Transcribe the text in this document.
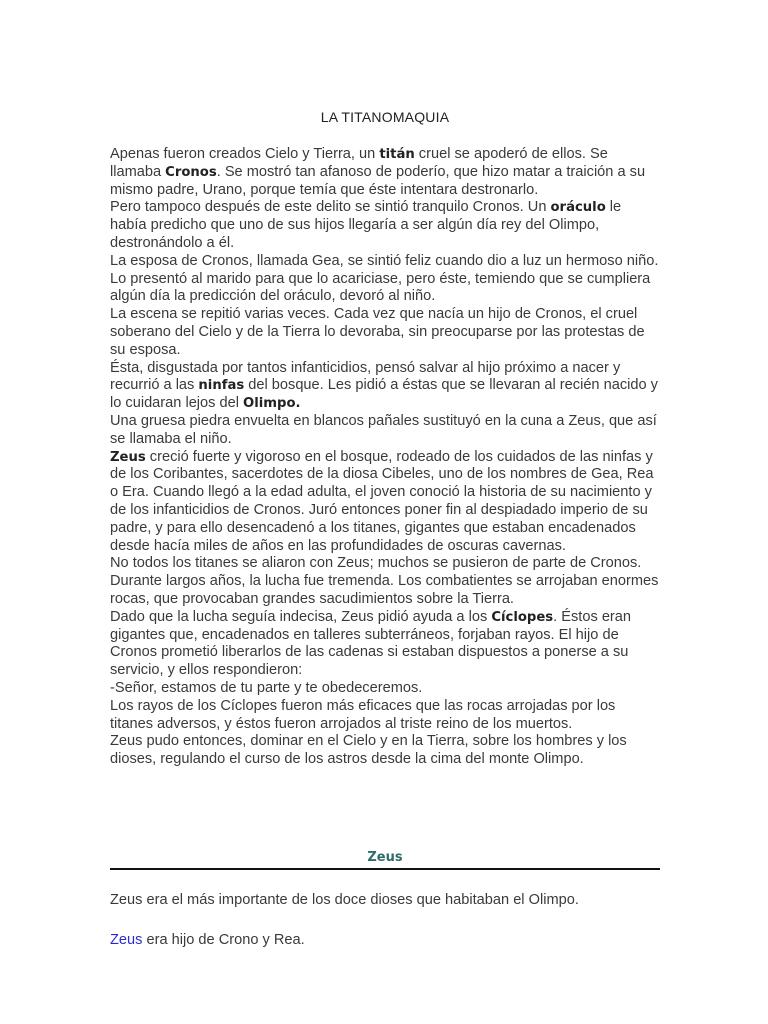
LA TITANOMAQUIA

Apenas fueron creados Cielo y Tierra, un titán cruel se apoderó de ellos. Se llamaba Cronos. Se mostró tan afanoso de poderío, que hizo matar a traición a su mismo padre, Urano, porque temía que éste intentara destronarlo.

Pero tampoco después de este delito se sintió tranquilo Cronos. Un oráculo le había predicho que uno de sus hijos llegaría a ser algún día rey del Olimpo, destronándolo a él.

La esposa de Cronos, llamada Gea, se sintió feliz cuando dio a luz un hermoso niño. Lo presentó al marido para que lo acariciase, pero éste, temiendo que se cumpliera algún día la predicción del oráculo, devoró al niño.

La escena se repitió varias veces. Cada vez que nacía un hijo de Cronos, el cruel soberano del Cielo y de la Tierra lo devoraba, sin preocuparse por las protestas de su esposa.

Ésta, disgustada por tantos infanticidios, pensó salvar al hijo próximo a nacer y recurrió a las ninfas del bosque. Les pidió a éstas que se llevaran al recién nacido y lo cuidaran lejos del Olimpo.

Una gruesa piedra envuelta en blancos pañales sustituyó en la cuna a Zeus, que así se llamaba el niño.

Zeus creció fuerte y vigoroso en el bosque, rodeado de los cuidados de las ninfas y de los Coribantes, sacerdotes de la diosa Cibeles, uno de los nombres de Gea, Rea o Era. Cuando llegó a la edad adulta, el joven conoció la historia de su nacimiento y de los infanticidios de Cronos. Juró entonces poner fin al despiadado imperio de su padre, y para ello desencadenó a los titanes, gigantes que estaban encadenados desde hacía miles de años en las profundidades de oscuras cavernas.

No todos los titanes se aliaron con Zeus; muchos se pusieron de parte de Cronos. Durante largos años, la lucha fue tremenda. Los combatientes se arrojaban enormes rocas, que provocaban grandes sacudimientos sobre la Tierra.

Dado que la lucha seguía indecisa, Zeus pidió ayuda a los Cíclopes. Éstos eran gigantes que, encadenados en talleres subterráneos, forjaban rayos. El hijo de Cronos prometió liberarlos de las cadenas si estaban dispuestos a ponerse a su servicio, y ellos respondieron:

-Señor, estamos de tu parte y te obedeceremos.

Los rayos de los Cíclopes fueron más eficaces que las rocas arrojadas por los titanes adversos, y éstos fueron arrojados al triste reino de los muertos.

Zeus pudo entonces, dominar en el Cielo y en la Tierra, sobre los hombres y los dioses, regulando el curso de los astros desde la cima del monte Olimpo.

Zeus
Zeus era el más importante de los doce dioses que habitaban el Olimpo.
Zeus era hijo de Crono y Rea.
